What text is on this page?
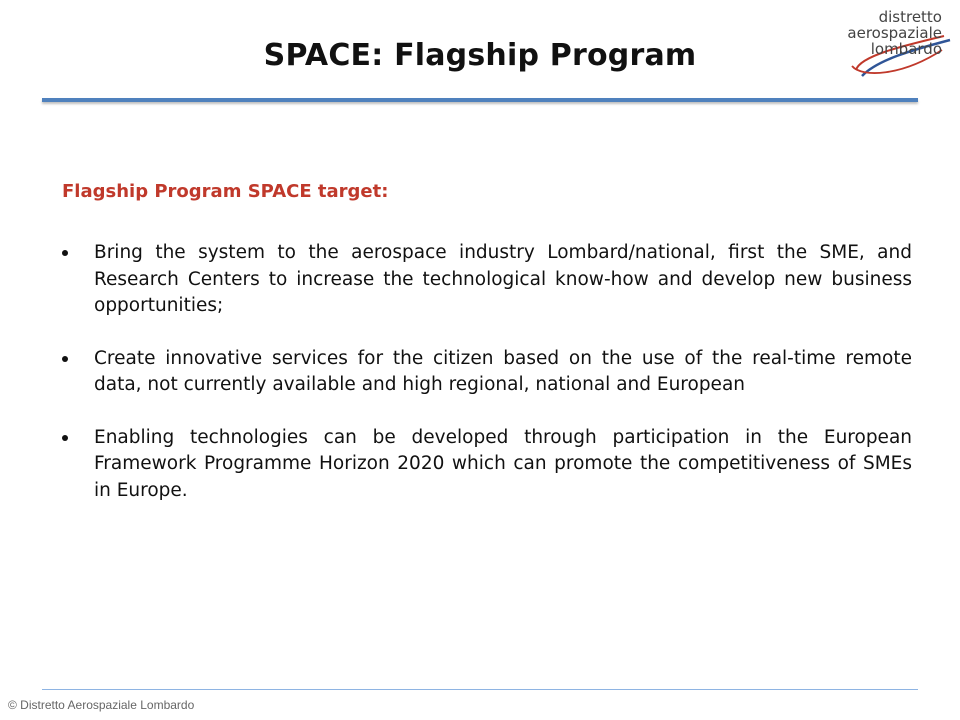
SPACE: Flagship Program
distretto
aerospaziale
lombardo
Flagship Program SPACE target:
Bring the system to the aerospace industry Lombard/national, first the SME, and Research Centers to increase the technological know-how and develop new business opportunities;
Create innovative services for the citizen based on the use of the real-time remote data, not currently available and high regional, national and European
Enabling technologies can be developed through participation in the European Framework Programme Horizon 2020 which can promote the competitiveness of SMEs in Europe.
© Distretto Aerospaziale Lombardo
